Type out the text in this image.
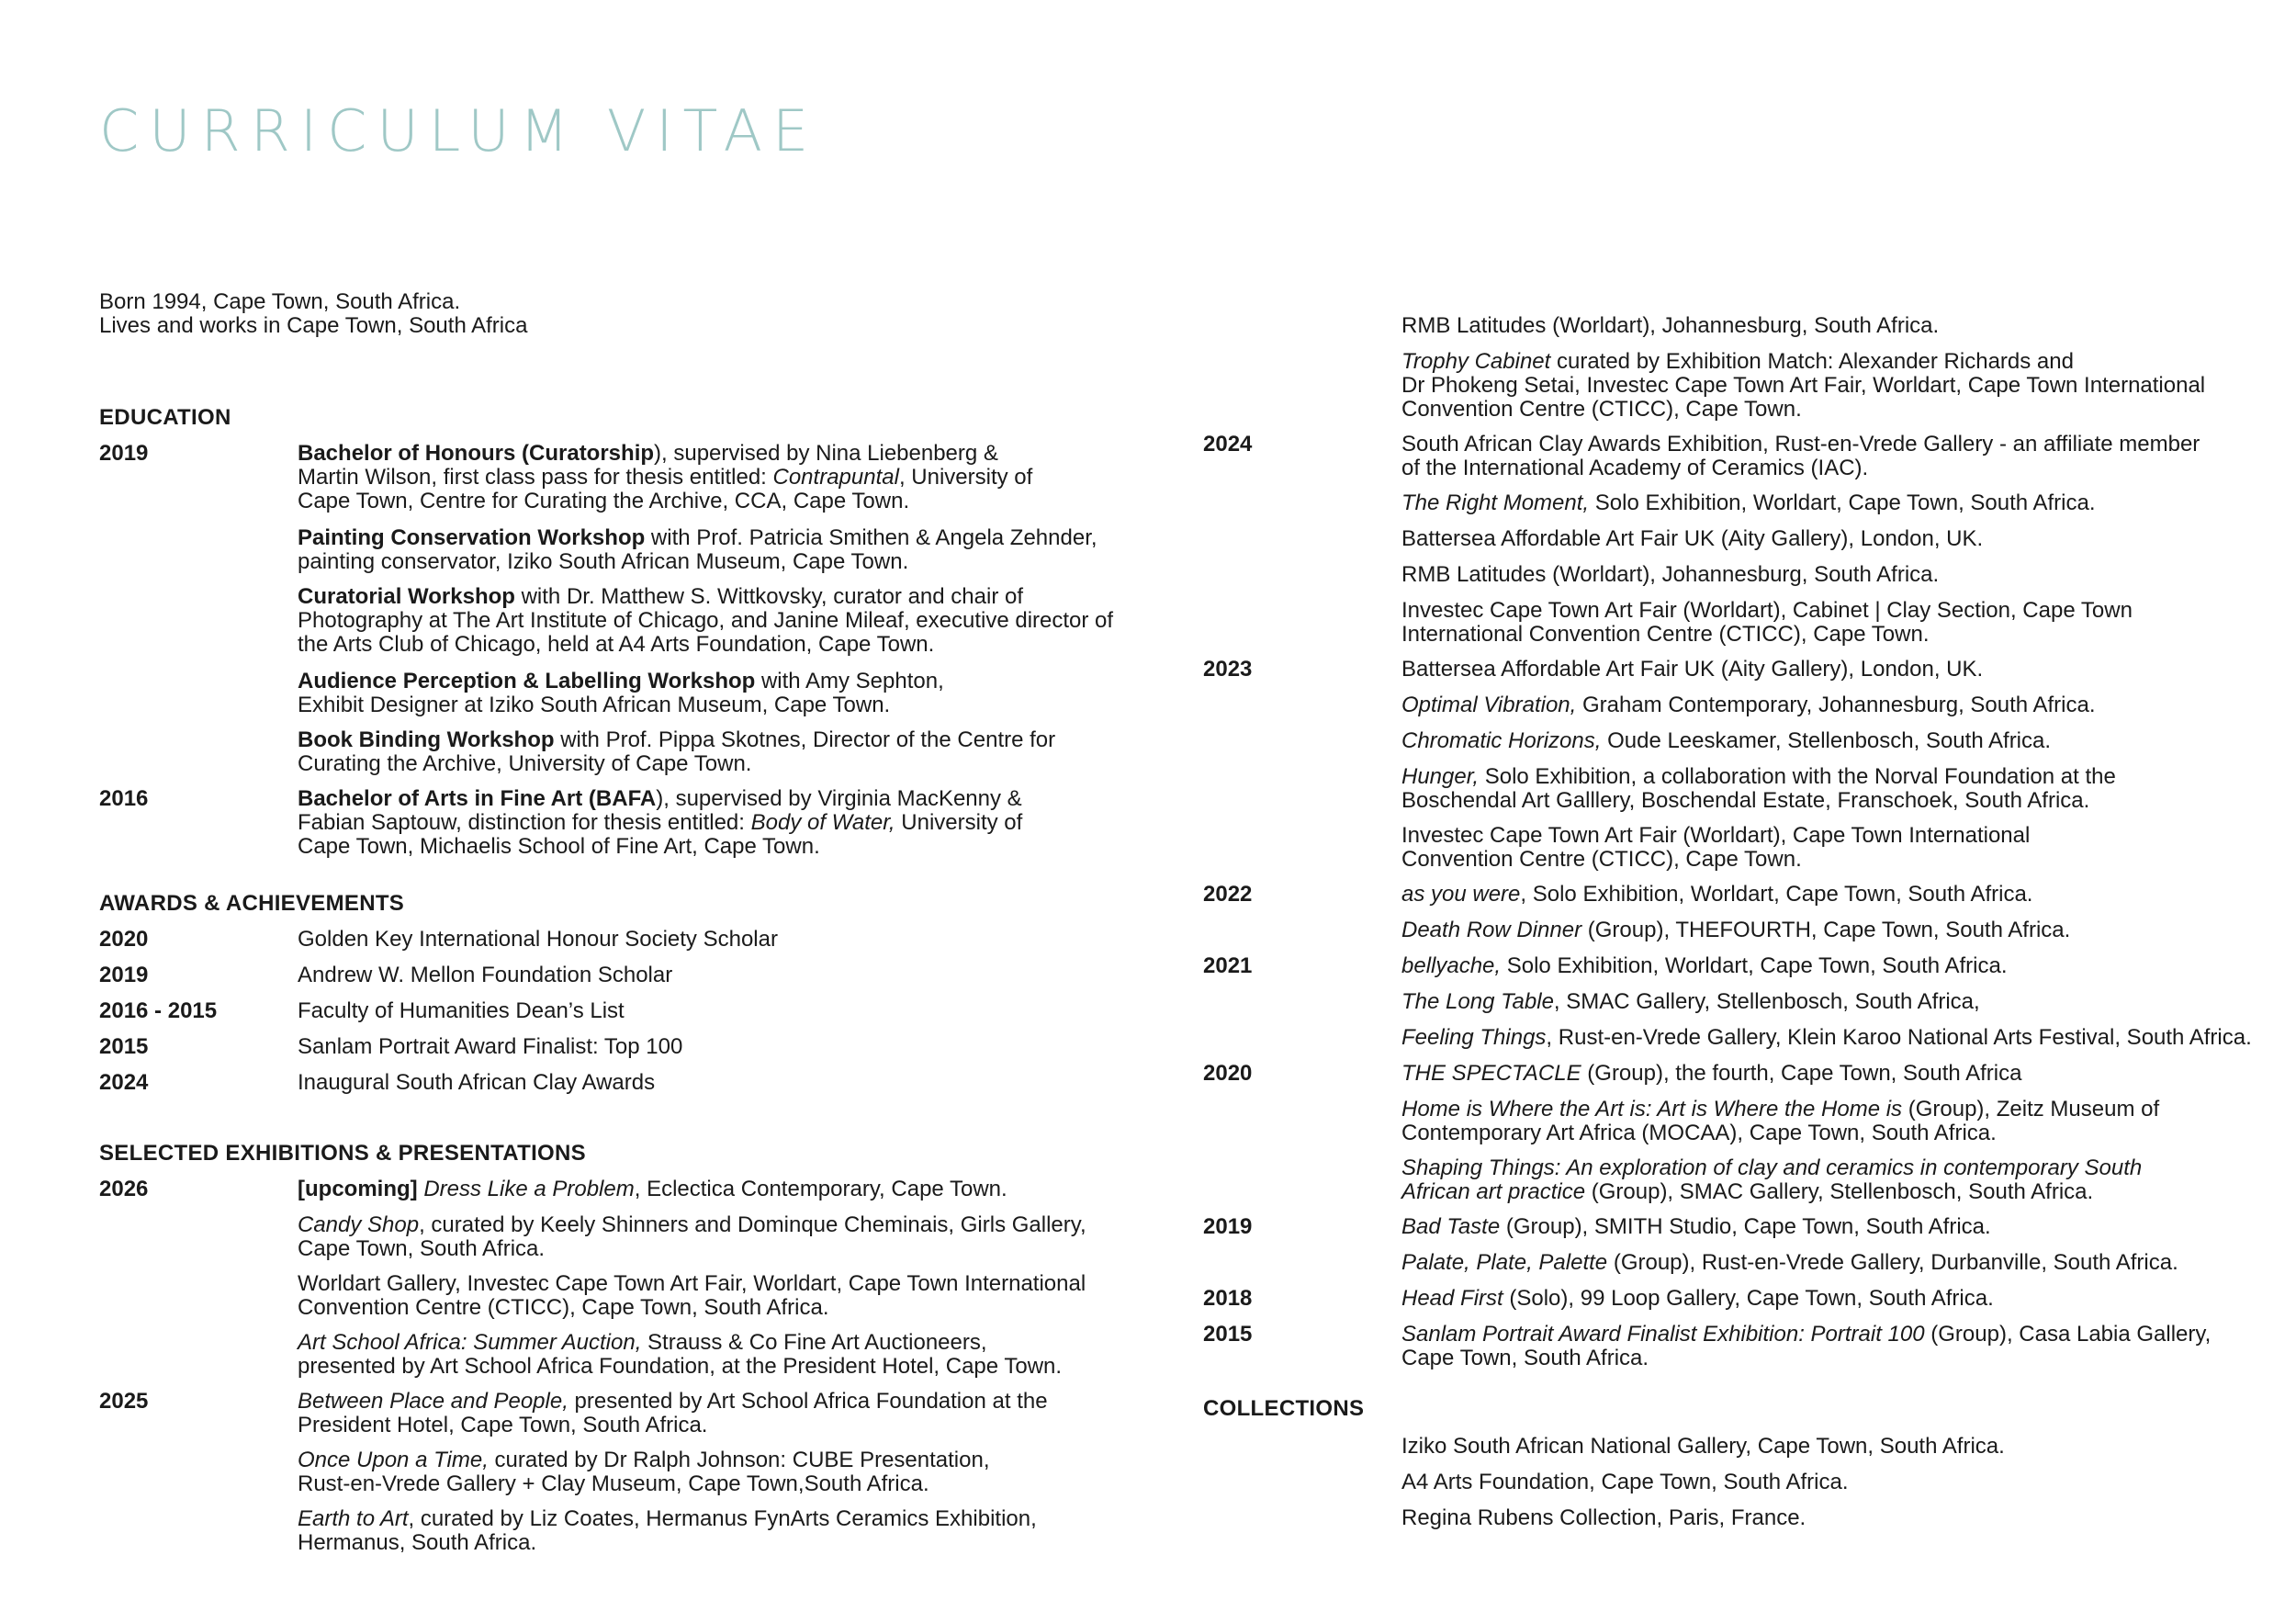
CURRICULUM VITAE
Born 1994, Cape Town, South Africa.
Lives and works in Cape Town, South Africa
EDUCATION
2019	Bachelor of Honours (Curatorship), supervised by Nina Liebenberg &
Martin Wilson, first class pass for thesis entitled: Contrapuntal, University of
Cape Town, Centre for Curating the Archive, CCA, Cape Town.
Painting Conservation Workshop with Prof. Patricia Smithen & Angela Zehnder,
painting conservator, Iziko South African Museum, Cape Town.
Curatorial Workshop with Dr. Matthew S. Wittkovsky, curator and chair of
Photography at The Art Institute of Chicago, and Janine Mileaf, executive director of
the Arts Club of Chicago, held at A4 Arts Foundation, Cape Town.
Audience Perception & Labelling Workshop with Amy Sephton,
Exhibit Designer at Iziko South African Museum, Cape Town.
Book Binding Workshop with Prof. Pippa Skotnes, Director of the Centre for
Curating the Archive, University of Cape Town.
2016	Bachelor of Arts in Fine Art (BAFA), supervised by Virginia MacKenny &
Fabian Saptouw, distinction for thesis entitled: Body of Water, University of
Cape Town, Michaelis School of Fine Art, Cape Town.
AWARDS & ACHIEVEMENTS
2020	Golden Key International Honour Society Scholar
2019	Andrew W. Mellon Foundation Scholar
2016 - 2015	Faculty of Humanities Dean’s List
2015	Sanlam Portrait Award Finalist: Top 100
2024	Inaugural South African Clay Awards
SELECTED EXHIBITIONS & PRESENTATIONS
2026	[upcoming] Dress Like a Problem, Eclectica Contemporary, Cape Town.
Candy Shop, curated by Keely Shinners and Dominque Cheminais, Girls Gallery,
Cape Town, South Africa.
Worldart Gallery, Investec Cape Town Art Fair, Worldart, Cape Town International
Convention Centre (CTICC), Cape Town, South Africa.
Art School Africa: Summer Auction, Strauss & Co Fine Art Auctioneers,
presented by Art School Africa Foundation, at the President Hotel, Cape Town.
2025	Between Place and People, presented by Art School Africa Foundation at the
President Hotel, Cape Town, South Africa.
Once Upon a Time, curated by Dr Ralph Johnson: CUBE Presentation,
Rust-en-Vrede Gallery + Clay Museum, Cape Town,South Africa.
Earth to Art, curated by Liz Coates, Hermanus FynArts Ceramics Exhibition,
Hermanus, South Africa.
RMB Latitudes (Worldart), Johannesburg, South Africa.
Trophy Cabinet curated by Exhibition Match: Alexander Richards and
Dr Phokeng Setai, Investec Cape Town Art Fair, Worldart, Cape Town International
Convention Centre (CTICC), Cape Town.
2024	South African Clay Awards Exhibition, Rust-en-Vrede Gallery - an affiliate member
of the International Academy of Ceramics (IAC).
The Right Moment, Solo Exhibition, Worldart, Cape Town, South Africa.
Battersea Affordable Art Fair UK (Aity Gallery), London, UK.
RMB Latitudes (Worldart), Johannesburg, South Africa.
Investec Cape Town Art Fair (Worldart), Cabinet | Clay Section, Cape Town
International Convention Centre (CTICC), Cape Town.
2023	Battersea Affordable Art Fair UK (Aity Gallery), London, UK.
Optimal Vibration, Graham Contemporary, Johannesburg, South Africa.
Chromatic Horizons, Oude Leeskamer, Stellenbosch, South Africa.
Hunger, Solo Exhibition, a collaboration with the Norval Foundation at the
Boschendal Art Galllery, Boschendal Estate, Franschoek, South Africa.
Investec Cape Town Art Fair (Worldart), Cape Town International
Convention Centre (CTICC), Cape Town.
2022	as you were, Solo Exhibition, Worldart, Cape Town, South Africa.
Death Row Dinner (Group), THEFOURTH, Cape Town, South Africa.
2021	bellyache, Solo Exhibition, Worldart, Cape Town, South Africa.
The Long Table, SMAC Gallery, Stellenbosch, South Africa,
Feeling Things, Rust-en-Vrede Gallery, Klein Karoo National Arts Festival, South Africa.
2020	THE SPECTACLE (Group), the fourth, Cape Town, South Africa
Home is Where the Art is: Art is Where the Home is (Group), Zeitz Museum of
Contemporary Art Africa (MOCAA), Cape Town, South Africa.
Shaping Things: An exploration of clay and ceramics in contemporary South
African art practice (Group), SMAC Gallery, Stellenbosch, South Africa.
2019	Bad Taste (Group), SMITH Studio, Cape Town, South Africa.
Palate, Plate, Palette (Group), Rust-en-Vrede Gallery, Durbanville, South Africa.
2018	Head First (Solo), 99 Loop Gallery, Cape Town, South Africa.
2015	Sanlam Portrait Award Finalist Exhibition: Portrait 100 (Group), Casa Labia Gallery,
Cape Town, South Africa.
COLLECTIONS
Iziko South African National Gallery, Cape Town, South Africa.
A4 Arts Foundation, Cape Town, South Africa.
Regina Rubens Collection, Paris, France.
